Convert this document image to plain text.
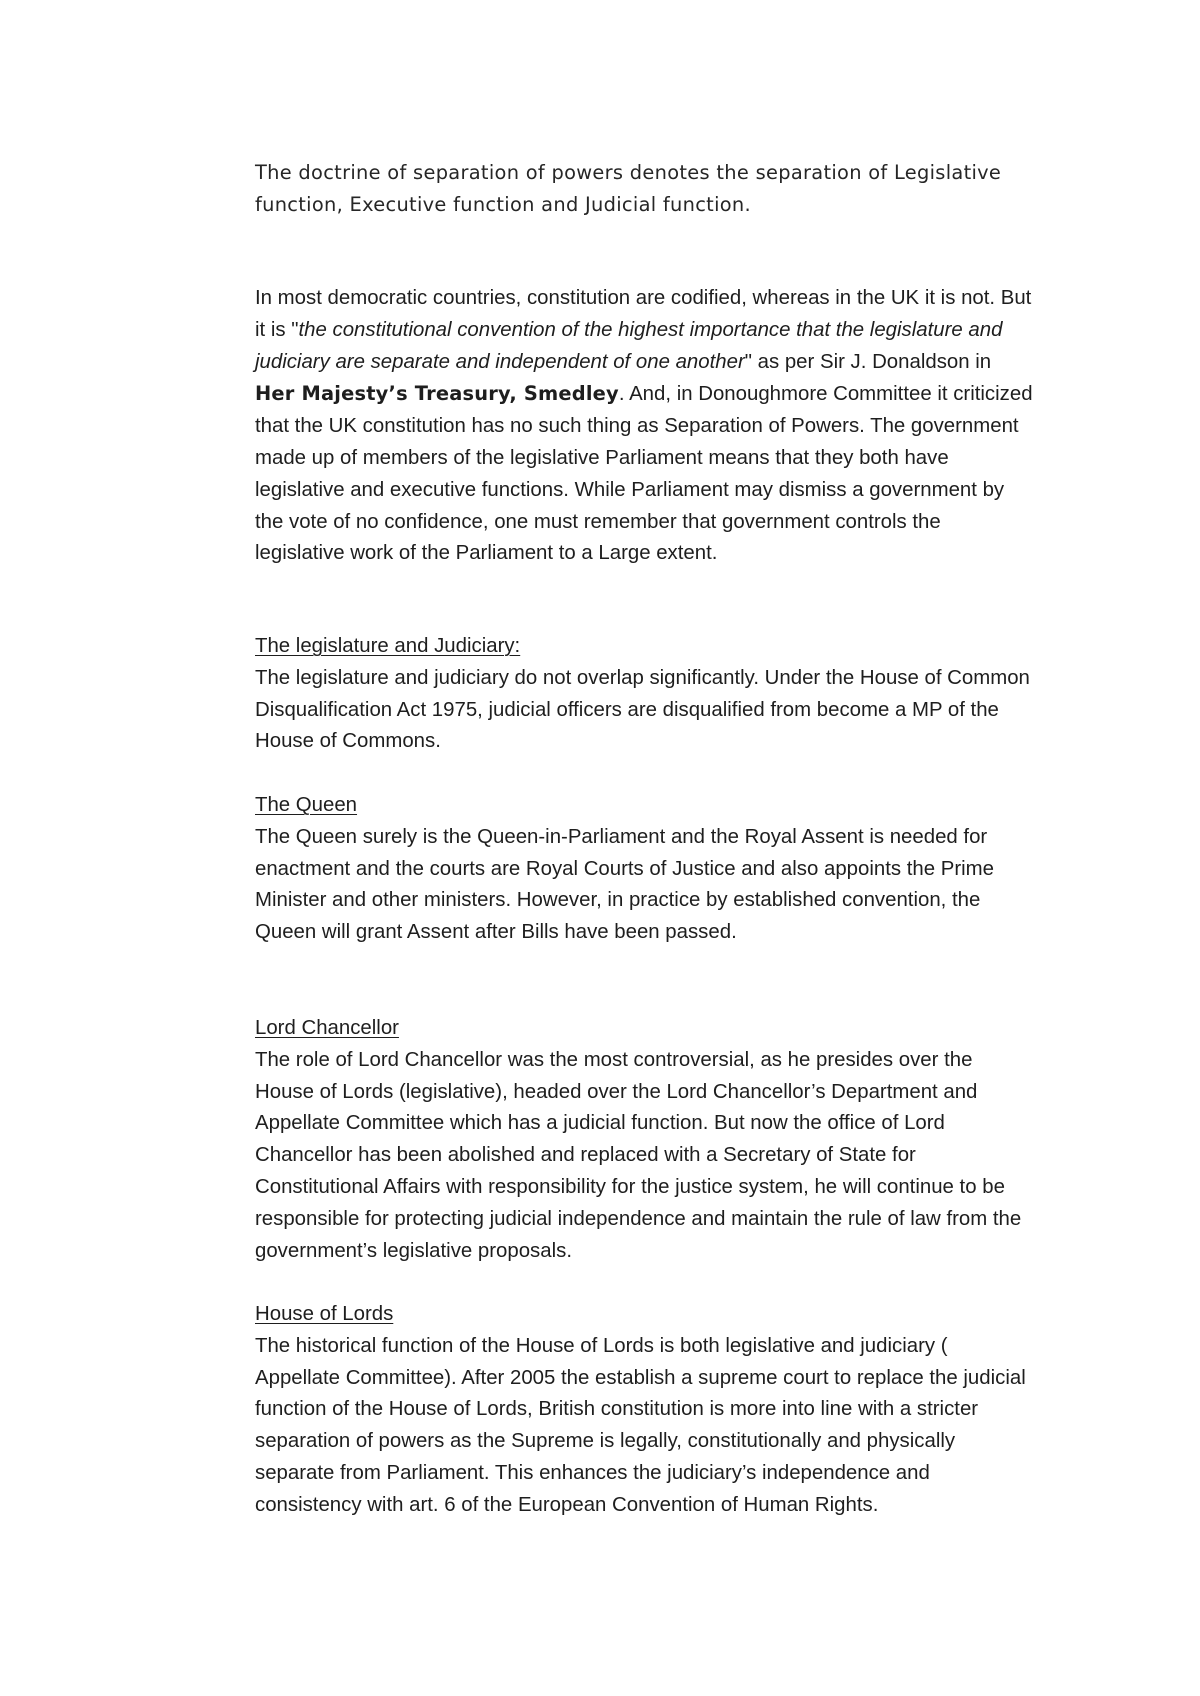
The doctrine of separation of powers denotes the separation of Legislative function, Executive function and Judicial function.

In most democratic countries, constitution are codified, whereas in the UK it is not. But it is "the constitutional convention of the highest importance that the legislature and judiciary are separate and independent of one another" as per Sir J. Donaldson in Her Majesty’s Treasury, Smedley. And, in Donoughmore Committee it criticized that the UK constitution has no such thing as Separation of Powers. The government made up of members of the legislative Parliament means that they both have legislative and executive functions. While Parliament may dismiss a government by the vote of no confidence, one must remember that government controls the legislative work of the Parliament to a Large extent.

The legislature and Judiciary:
The legislature and judiciary do not overlap significantly. Under the House of Common Disqualification Act 1975, judicial officers are disqualified from become a MP of the House of Commons.
The Queen
The Queen surely is the Queen-in-Parliament and the Royal Assent is needed for enactment and the courts are Royal Courts of Justice and also appoints the Prime Minister and other ministers. However, in practice by established convention, the Queen will grant Assent after Bills have been passed.
Lord Chancellor
The role of Lord Chancellor was the most controversial, as he presides over the House of Lords (legislative), headed over the Lord Chancellor’s Department and Appellate Committee which has a judicial function. But now the office of Lord Chancellor has been abolished and replaced with a Secretary of State for Constitutional Affairs with responsibility for the justice system, he will continue to be responsible for protecting judicial independence and maintain the rule of law from the government’s legislative proposals.
House of Lords
The historical function of the House of Lords is both legislative and judiciary ( Appellate Committee). After 2005 the establish a supreme court to replace the judicial function of the House of Lords, British constitution is more into line with a stricter separation of powers as the Supreme is legally, constitutionally and physically separate from Parliament. This enhances the judiciary’s independence and consistency with art. 6 of the European Convention of Human Rights.
